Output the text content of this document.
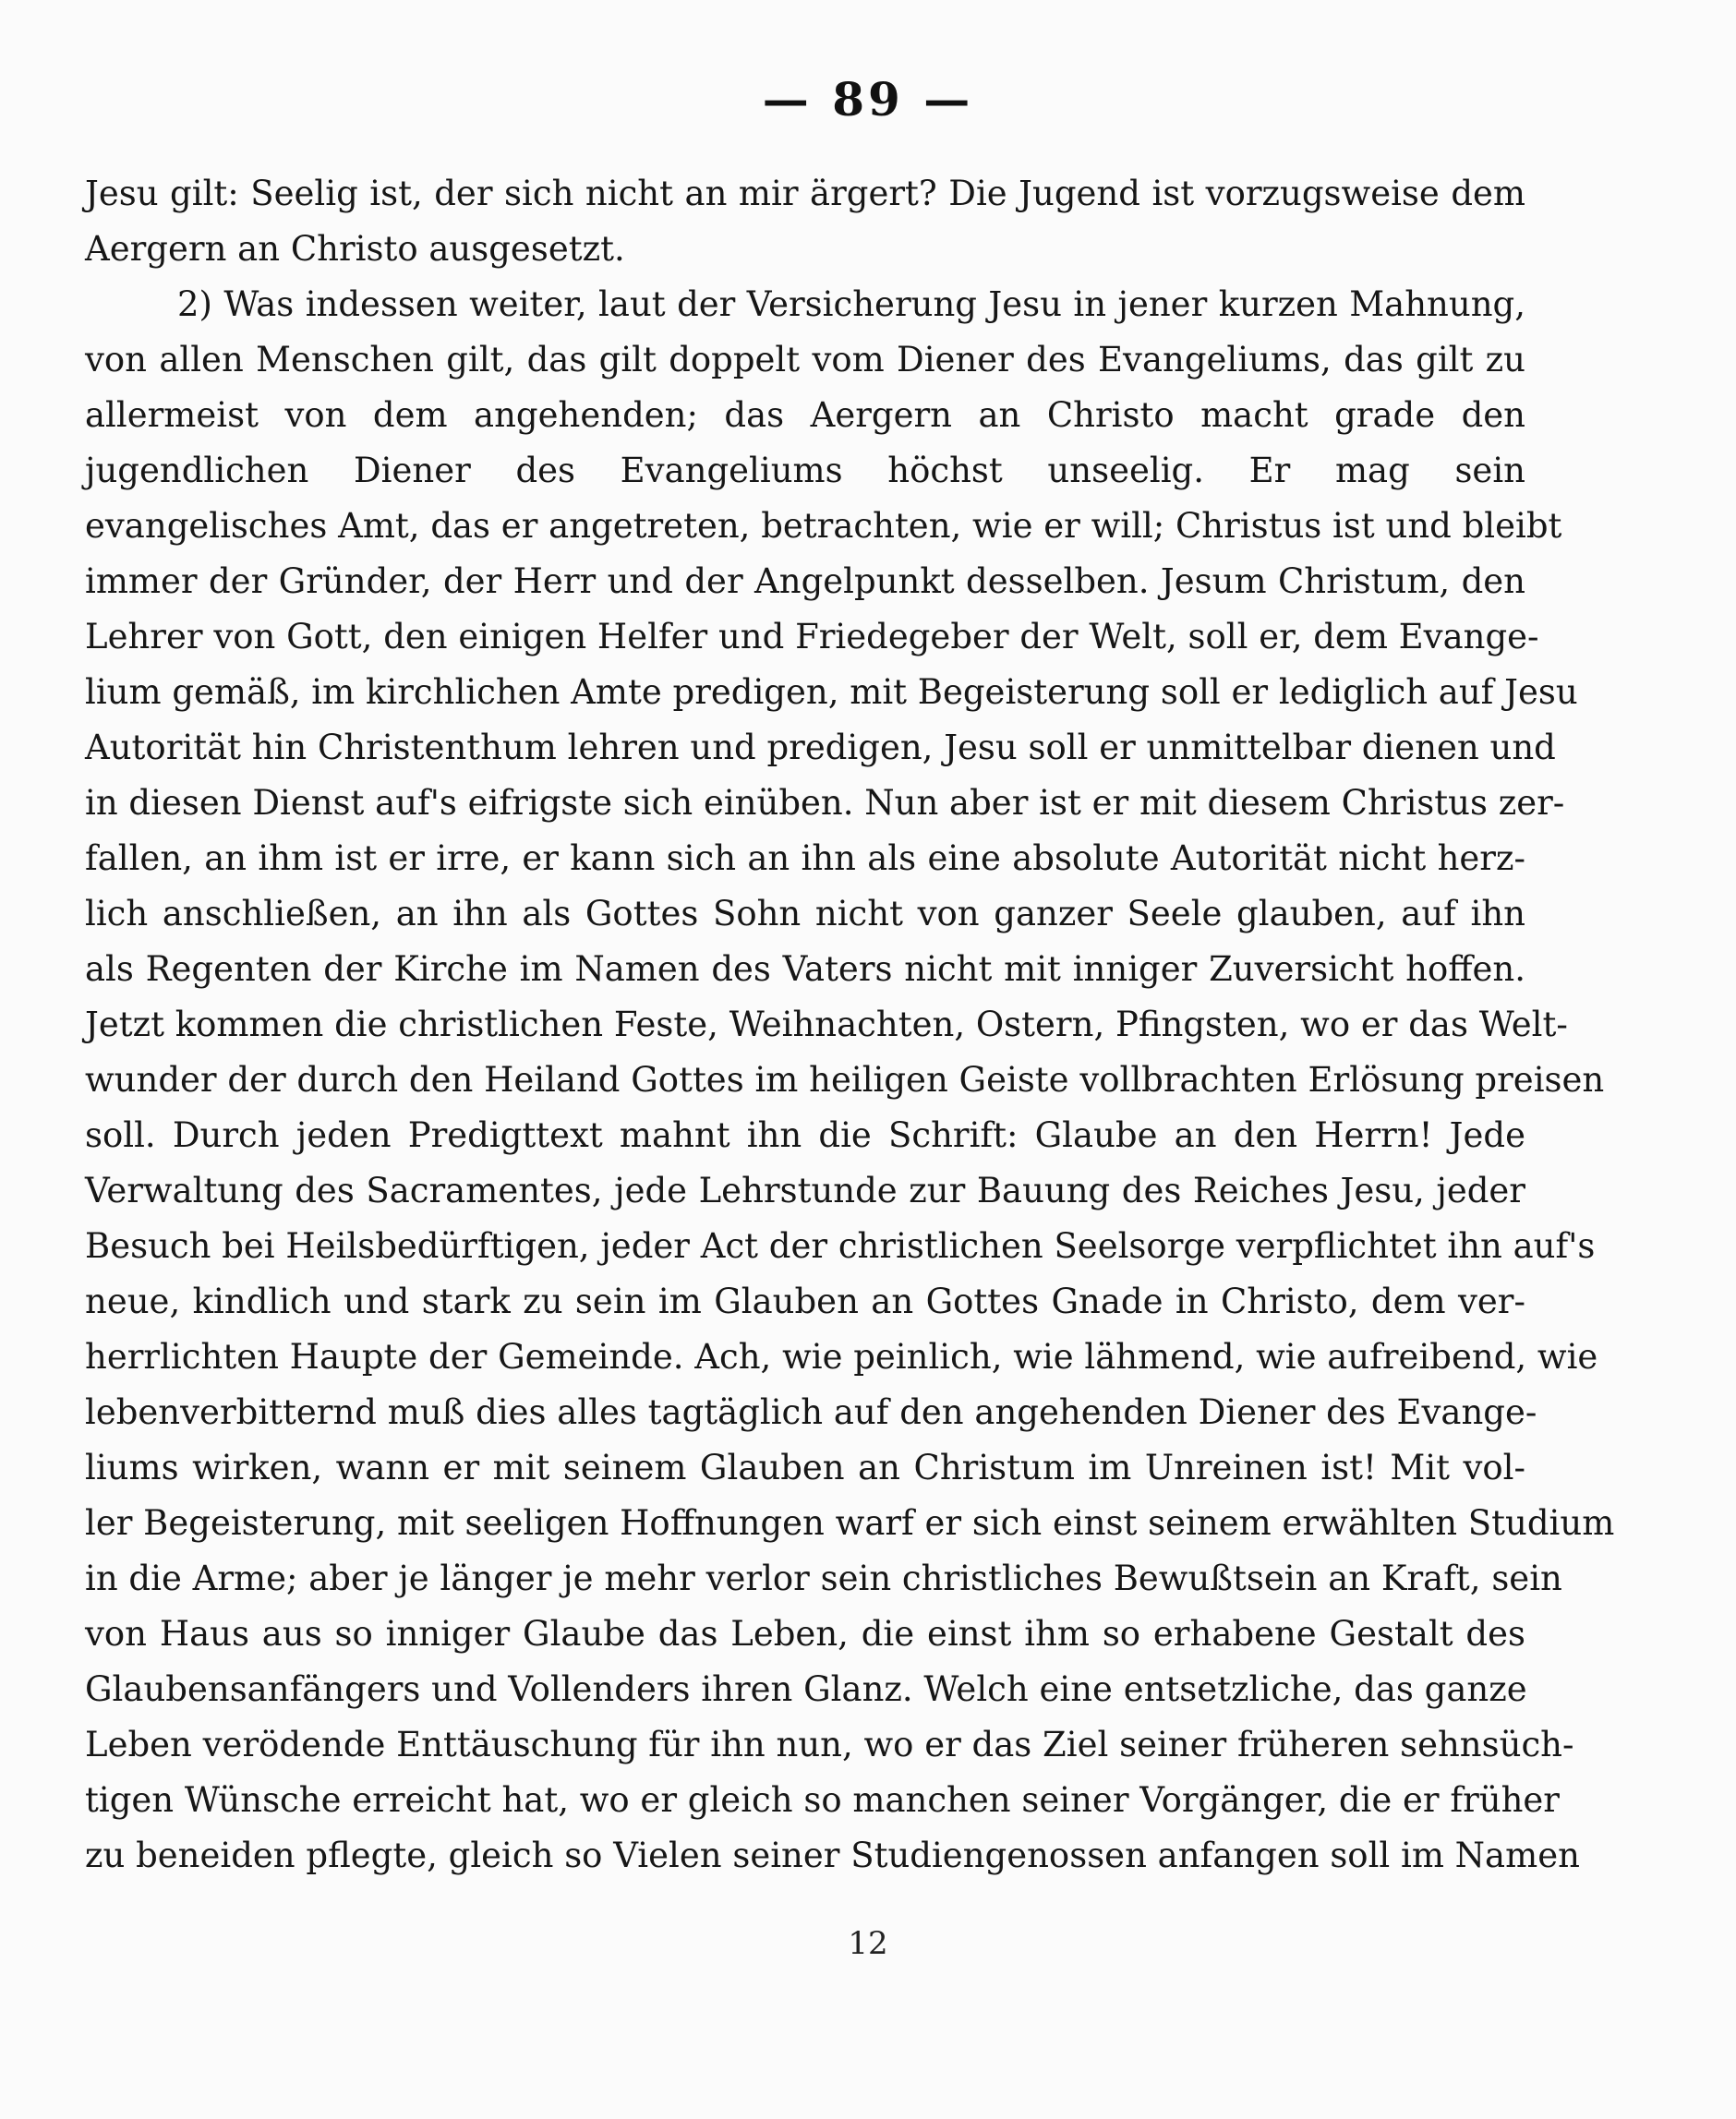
— 89 —
Jesu gilt: Seelig ist, der sich nicht an mir ärgert? Die Jugend ist vorzugsweise dem
Aergern an Christo ausgesetzt.
2) Was indessen weiter, laut der Versicherung Jesu in jener kurzen Mahnung,
von allen Menschen gilt, das gilt doppelt vom Diener des Evangeliums, das gilt zu
allermeist von dem angehenden; das Aergern an Christo macht grade den
jugendlichen Diener des Evangeliums höchst unseelig. Er mag sein
evangelisches Amt, das er angetreten, betrachten, wie er will; Christus ist und bleibt
immer der Gründer, der Herr und der Angelpunkt desselben. Jesum Christum, den
Lehrer von Gott, den einigen Helfer und Friedegeber der Welt, soll er, dem Evange-
lium gemäß, im kirchlichen Amte predigen, mit Begeisterung soll er lediglich auf Jesu
Autorität hin Christenthum lehren und predigen, Jesu soll er unmittelbar dienen und
in diesen Dienst auf's eifrigste sich einüben. Nun aber ist er mit diesem Christus zer-
fallen, an ihm ist er irre, er kann sich an ihn als eine absolute Autorität nicht herz-
lich anschließen, an ihn als Gottes Sohn nicht von ganzer Seele glauben, auf ihn
als Regenten der Kirche im Namen des Vaters nicht mit inniger Zuversicht hoffen.
Jetzt kommen die christlichen Feste, Weihnachten, Ostern, Pfingsten, wo er das Welt-
wunder der durch den Heiland Gottes im heiligen Geiste vollbrachten Erlösung preisen
soll. Durch jeden Predigttext mahnt ihn die Schrift: Glaube an den Herrn! Jede
Verwaltung des Sacramentes, jede Lehrstunde zur Bauung des Reiches Jesu, jeder
Besuch bei Heilsbedürftigen, jeder Act der christlichen Seelsorge verpflichtet ihn auf's
neue, kindlich und stark zu sein im Glauben an Gottes Gnade in Christo, dem ver-
herrlichten Haupte der Gemeinde. Ach, wie peinlich, wie lähmend, wie aufreibend, wie
lebenverbitternd muß dies alles tagtäglich auf den angehenden Diener des Evange-
liums wirken, wann er mit seinem Glauben an Christum im Unreinen ist! Mit vol-
ler Begeisterung, mit seeligen Hoffnungen warf er sich einst seinem erwählten Studium
in die Arme; aber je länger je mehr verlor sein christliches Bewußtsein an Kraft, sein
von Haus aus so inniger Glaube das Leben, die einst ihm so erhabene Gestalt des
Glaubensanfängers und Vollenders ihren Glanz. Welch eine entsetzliche, das ganze
Leben verödende Enttäuschung für ihn nun, wo er das Ziel seiner früheren sehnsüch-
tigen Wünsche erreicht hat, wo er gleich so manchen seiner Vorgänger, die er früher
zu beneiden pflegte, gleich so Vielen seiner Studiengenossen anfangen soll im Namen
12
